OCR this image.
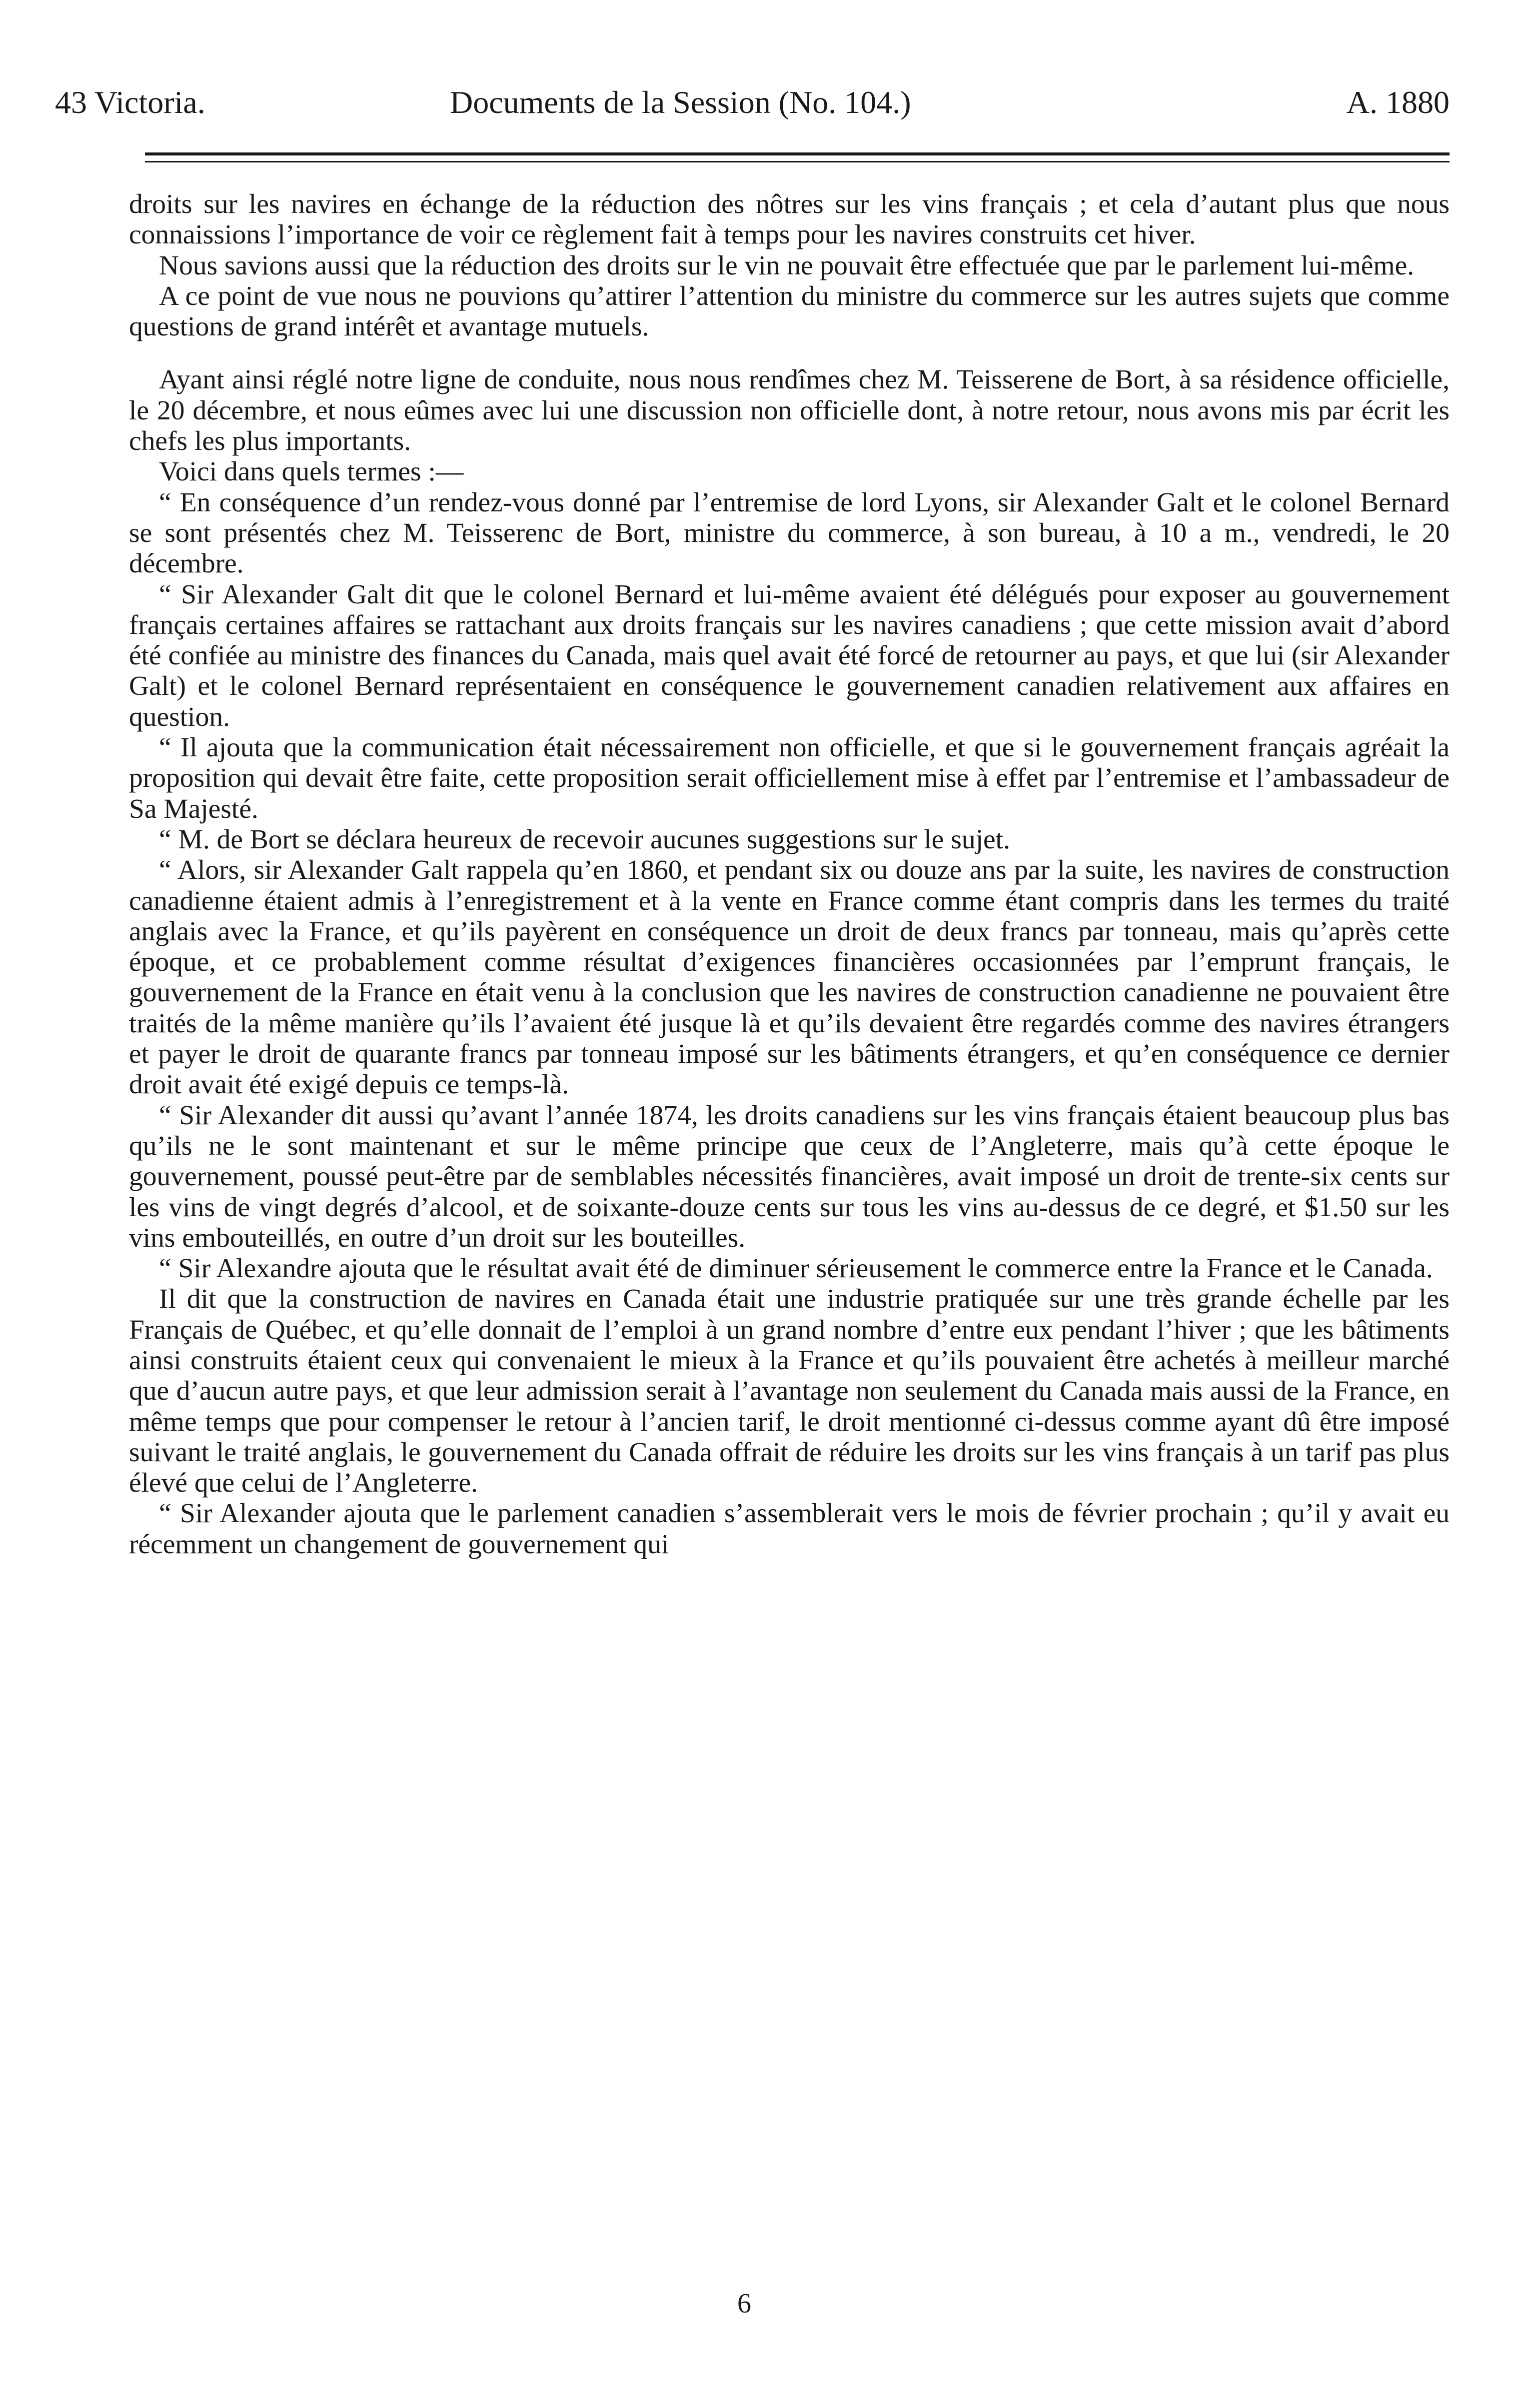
43 Victoria.	Documents de la Session (No. 104.)	A. 1880

droits sur les navires en échange de la réduction des nôtres sur les vins français ; et cela d’autant plus que nous connaissions l’importance de voir ce règlement fait à temps pour les navires construits cet hiver.

Nous savions aussi que la réduction des droits sur le vin ne pouvait être effectuée que par le parlement lui-même.

A ce point de vue nous ne pouvions qu’attirer l’attention du ministre du commerce sur les autres sujets que comme questions de grand intérêt et avantage mutuels.

Ayant ainsi réglé notre ligne de conduite, nous nous rendîmes chez M. Teisserene de Bort, à sa résidence officielle, le 20 décembre, et nous eûmes avec lui une discussion non officielle dont, à notre retour, nous avons mis par écrit les chefs les plus importants.

Voici dans quels termes :—

“ En conséquence d’un rendez-vous donné par l’entremise de lord Lyons, sir Alexander Galt et le colonel Bernard se sont présentés chez M. Teisserenc de Bort, ministre du commerce, à son bureau, à 10 a m., vendredi, le 20 décembre.

“ Sir Alexander Galt dit que le colonel Bernard et lui-même avaient été délégués pour exposer au gouvernement français certaines affaires se rattachant aux droits français sur les navires canadiens ; que cette mission avait d’abord été confiée au ministre des finances du Canada, mais quel avait été forcé de retourner au pays, et que lui (sir Alexander Galt) et le colonel Bernard représentaient en conséquence le gouvernement canadien relativement aux affaires en question.

“ Il ajouta que la communication était nécessairement non officielle, et que si le gouvernement français agréait la proposition qui devait être faite, cette proposition serait officiellement mise à effet par l’entremise et l’ambassadeur de Sa Majesté.

“ M. de Bort se déclara heureux de recevoir aucunes suggestions sur le sujet.

“ Alors, sir Alexander Galt rappela qu’en 1860, et pendant six ou douze ans par la suite, les navires de construction canadienne étaient admis à l’enregistrement et à la vente en France comme étant compris dans les termes du traité anglais avec la France, et qu’ils payèrent en conséquence un droit de deux francs par tonneau, mais qu’après cette époque, et ce probablement comme résultat d’exigences financières occasionnées par l’emprunt français, le gouvernement de la France en était venu à la conclusion que les navires de construction canadienne ne pouvaient être traités de la même manière qu’ils l’avaient été jusque là et qu’ils devaient être regardés comme des navires étrangers et payer le droit de quarante francs par tonneau imposé sur les bâtiments étrangers, et qu’en conséquence ce dernier droit avait été exigé depuis ce temps-là.

“ Sir Alexander dit aussi qu’avant l’année 1874, les droits canadiens sur les vins français étaient beaucoup plus bas qu’ils ne le sont maintenant et sur le même principe que ceux de l’Angleterre, mais qu’à cette époque le gouvernement, poussé peut-être par de semblables nécessités financières, avait imposé un droit de trente-six cents sur les vins de vingt degrés d’alcool, et de soixante-douze cents sur tous les vins au-dessus de ce degré, et $1.50 sur les vins embouteillés, en outre d’un droit sur les bouteilles.

“ Sir Alexandre ajouta que le résultat avait été de diminuer sérieusement le commerce entre la France et le Canada.

Il dit que la construction de navires en Canada était une industrie pratiquée sur une très grande échelle par les Français de Québec, et qu’elle donnait de l’emploi à un grand nombre d’entre eux pendant l’hiver ; que les bâtiments ainsi construits étaient ceux qui convenaient le mieux à la France et qu’ils pouvaient être achetés à meilleur marché que d’aucun autre pays, et que leur admission serait à l’avantage non seulement du Canada mais aussi de la France, en même temps que pour compenser le retour à l’ancien tarif, le droit mentionné ci-dessus comme ayant dû être imposé suivant le traité anglais, le gouvernement du Canada offrait de réduire les droits sur les vins français à un tarif pas plus élevé que celui de l’Angleterre.

“ Sir Alexander ajouta que le parlement canadien s’assemblerait vers le mois de février prochain ; qu’il y avait eu récemment un changement de gouvernement qui

6
